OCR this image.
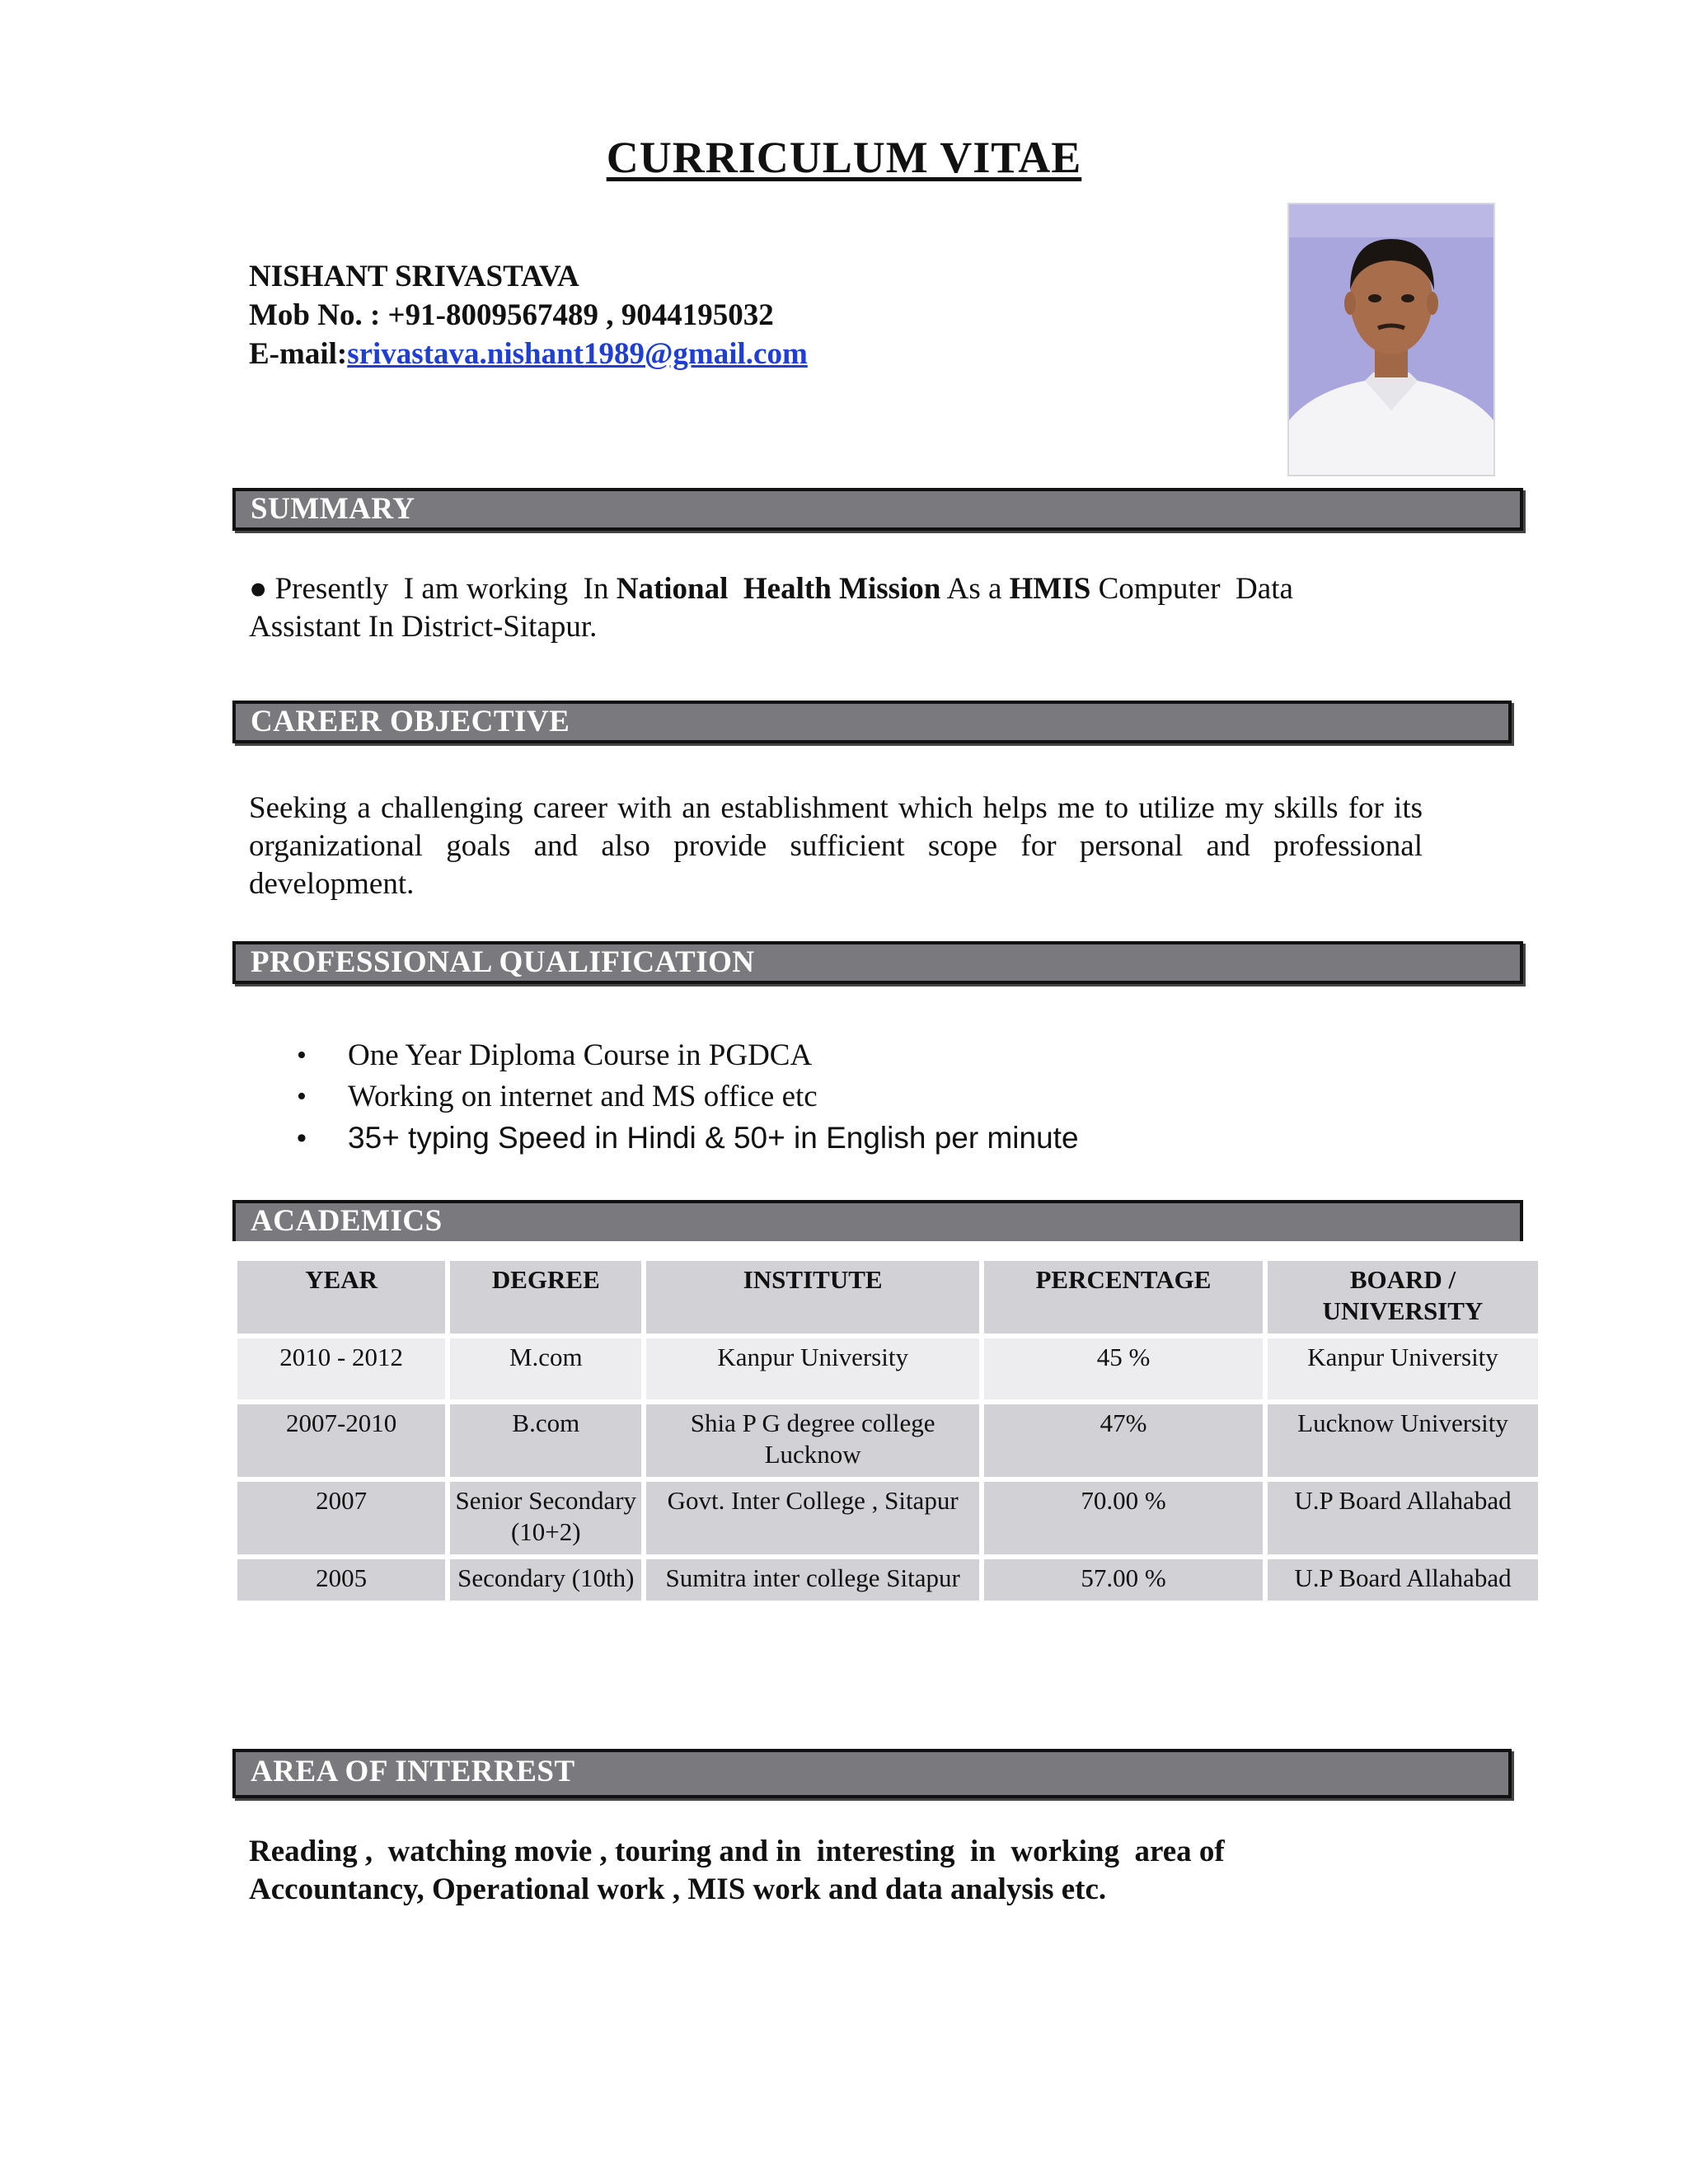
CURRICULUM VITAE
NISHANT SRIVASTAVA
Mob No. : +91-8009567489 , 9044195032
E-mail:srivastava.nishant1989@gmail.com
SUMMARY
● Presently  I am working  In National  Health Mission As a HMIS Computer  Data
Assistant In District-Sitapur.
CAREER OBJECTIVE
Seeking a challenging career with an establishment which helps me to utilize my skills for its organizational goals and also provide sufficient scope for personal and professional development.
PROFESSIONAL QUALIFICATION
• One Year Diploma Course in PGDCA
• Working on internet and MS office etc
• 35+ typing Speed in Hindi & 50+ in English per minute
ACADEMICS
YEAR	DEGREE	INSTITUTE	PERCENTAGE	BOARD / UNIVERSITY
2010 - 2012	M.com	Kanpur University	45 %	Kanpur University
2007-2010	B.com	Shia P G degree college Lucknow	47%	Lucknow University
2007	Senior Secondary (10+2)	Govt. Inter College , Sitapur	70.00 %	U.P Board Allahabad
2005	Secondary (10th)	Sumitra inter college Sitapur	57.00 %	U.P Board Allahabad
AREA OF INTERREST
Reading ,  watching movie , touring and in  interesting  in  working  area of
Accountancy, Operational work , MIS work and data analysis etc.
